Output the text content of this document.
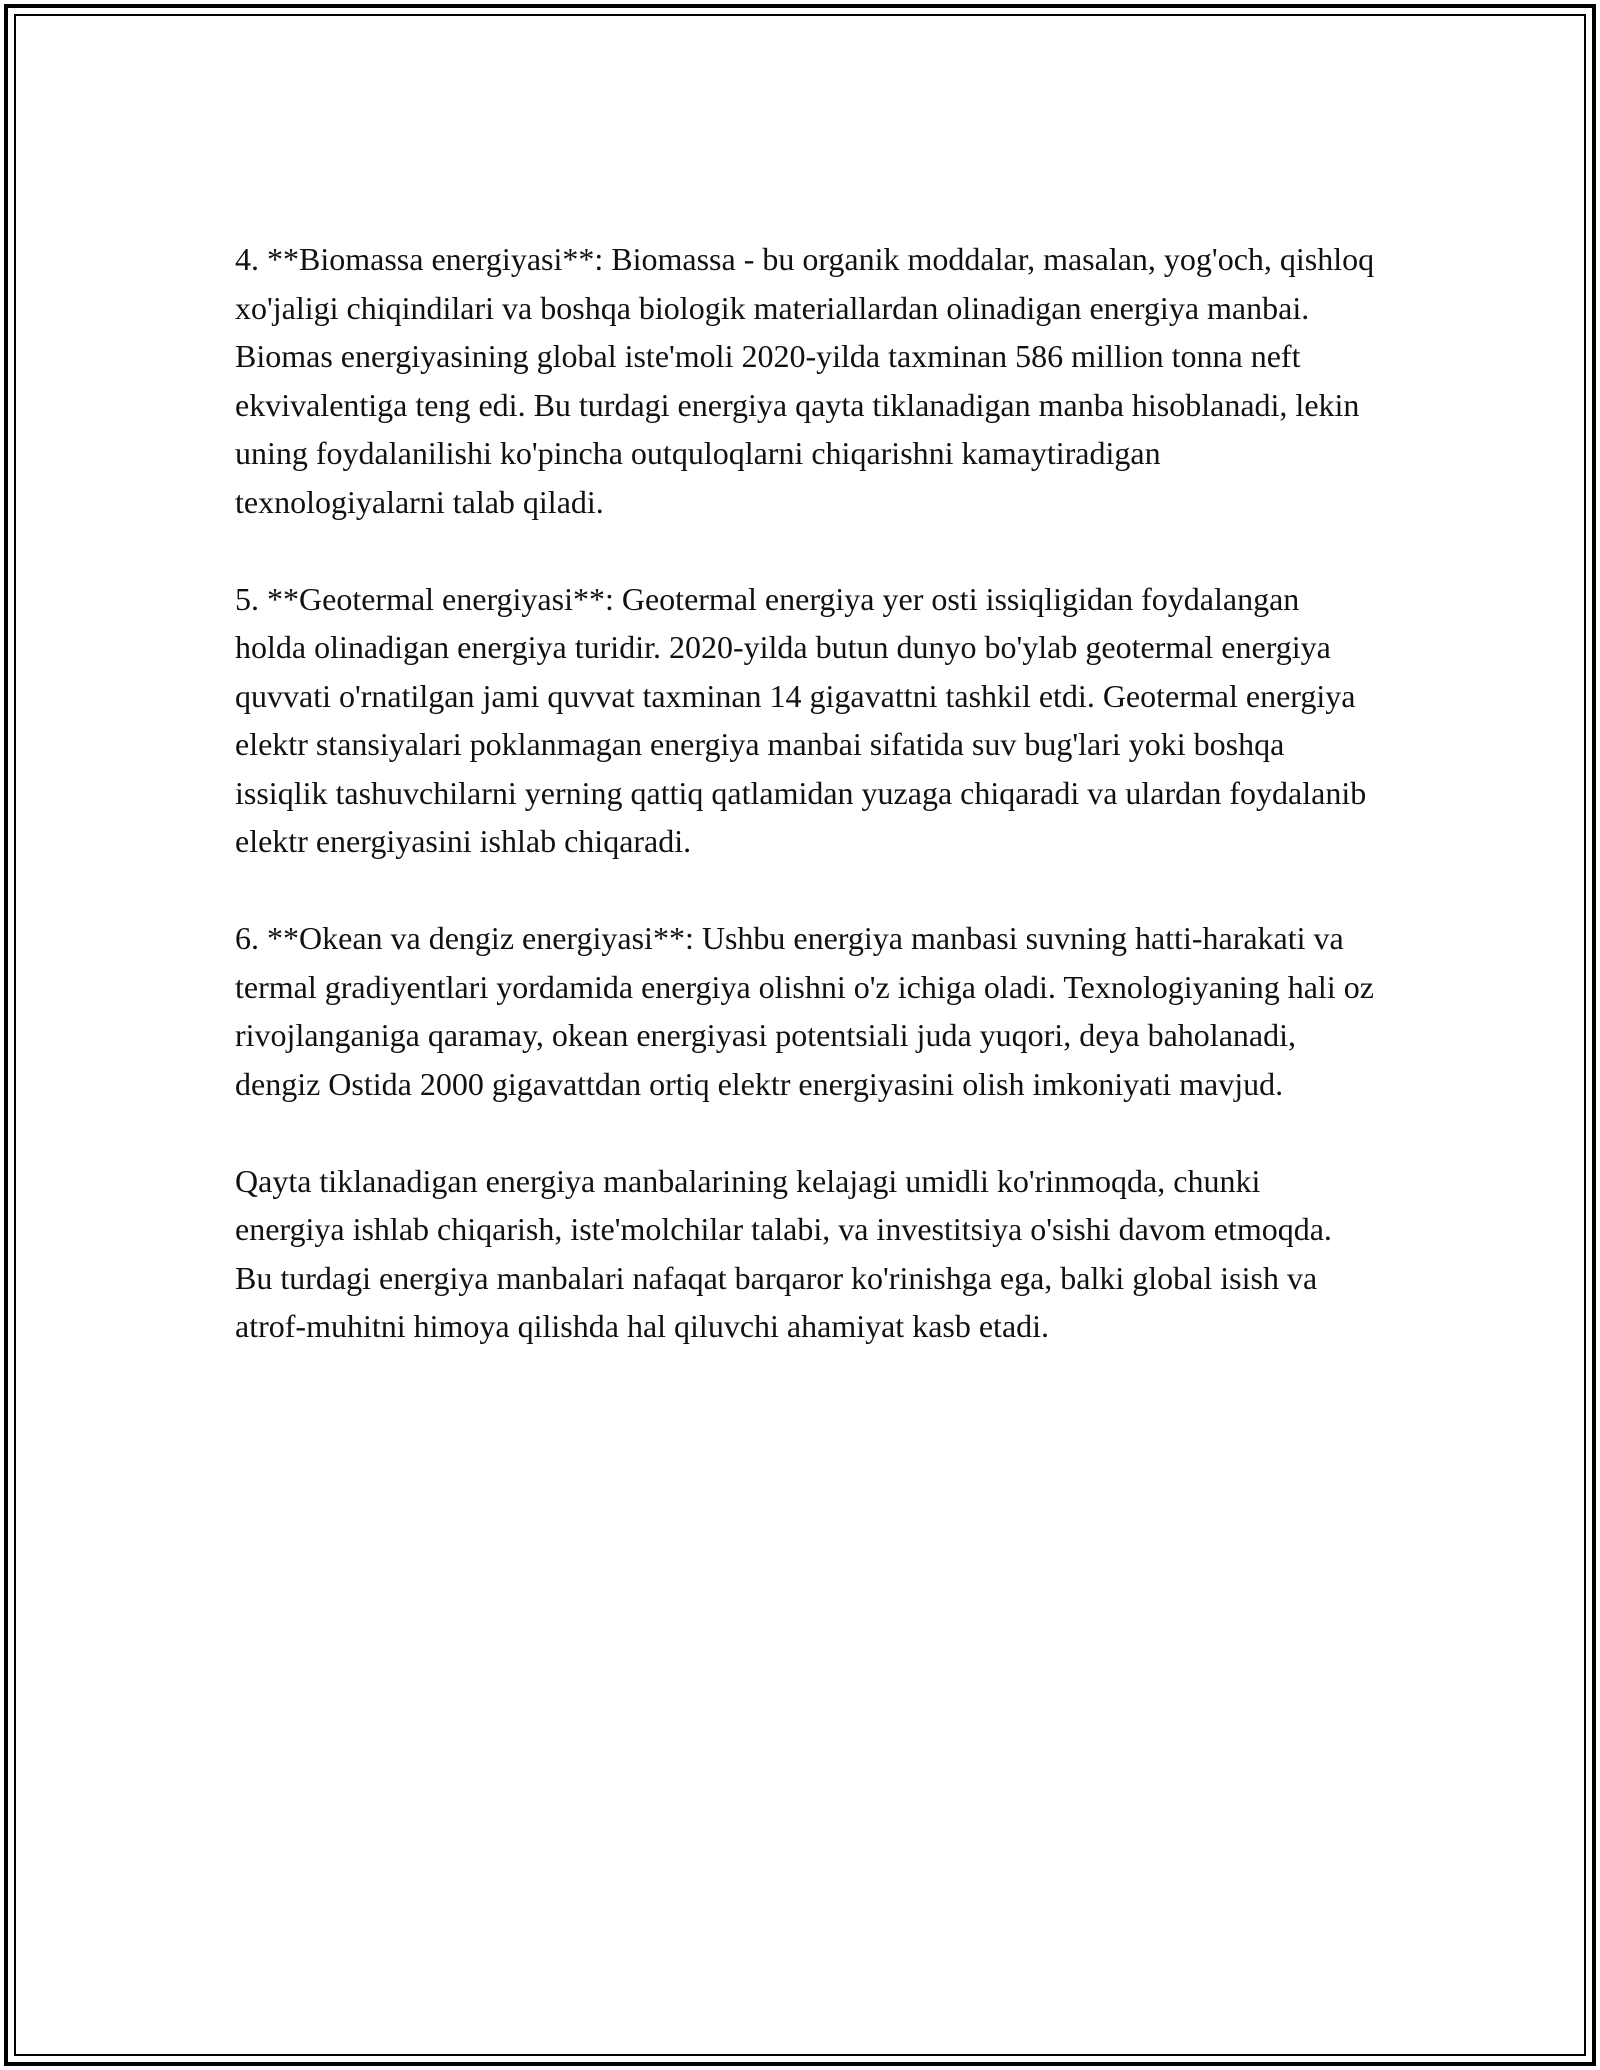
4. **Biomassa energiyasi**: Biomassa - bu organik moddalar, masalan, yog'och, qishloq xo'jaligi chiqindilari va boshqa biologik materiallardan olinadigan energiya manbai. Biomas energiyasining global iste'moli 2020-yilda taxminan 586 million tonna neft ekvivalentiga teng edi. Bu turdagi energiya qayta tiklanadigan manba hisoblanadi, lekin uning foydalanilishi ko'pincha outquloqlarni chiqarishni kamaytiradigan texnologiyalarni talab qiladi.

5. **Geotermal energiyasi**: Geotermal energiya yer osti issiqligidan foydalangan holda olinadigan energiya turidir. 2020-yilda butun dunyo bo'ylab geotermal energiya quvvati o'rnatilgan jami quvvat taxminan 14 gigavattni tashkil etdi. Geotermal energiya elektr stansiyalari poklanmagan energiya manbai sifatida suv bug'lari yoki boshqa issiqlik tashuvchilarni yerning qattiq qatlamidan yuzaga chiqaradi va ulardan foydalanib elektr energiyasini ishlab chiqaradi.

6. **Okean va dengiz energiyasi**: Ushbu energiya manbasi suvning hatti-harakati va termal gradiyentlari yordamida energiya olishni o'z ichiga oladi. Texnologiyaning hali oz rivojlanganiga qaramay, okean energiyasi potentsiali juda yuqori, deya baholanadi, dengiz Ostida 2000 gigavattdan ortiq elektr energiyasini olish imkoniyati mavjud.

Qayta tiklanadigan energiya manbalarining kelajagi umidli ko'rinmoqda, chunki energiya ishlab chiqarish, iste'molchilar talabi, va investitsiya o'sishi davom etmoqda. Bu turdagi energiya manbalari nafaqat barqaror ko'rinishga ega, balki global isish va atrof-muhitni himoya qilishda hal qiluvchi ahamiyat kasb etadi.
